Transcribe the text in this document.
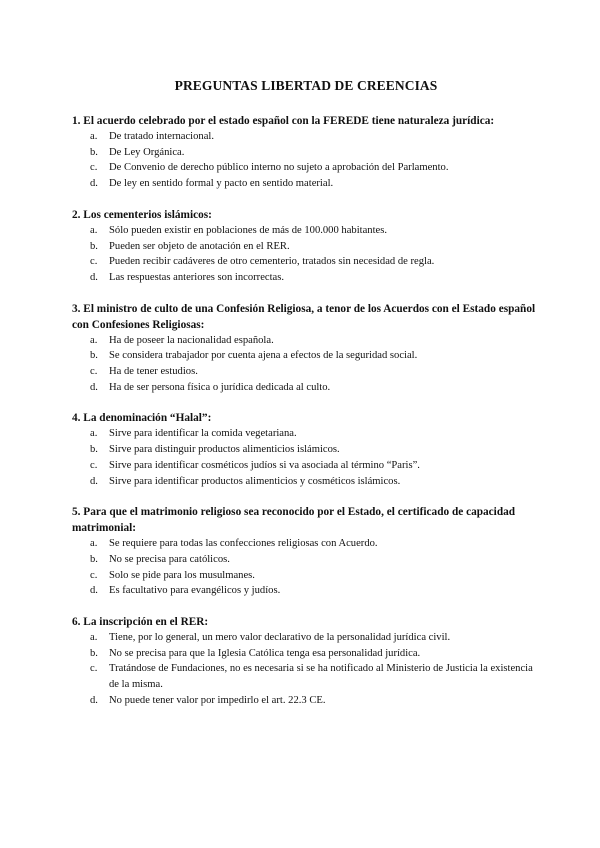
PREGUNTAS LIBERTAD DE CREENCIAS

1. El acuerdo celebrado por el estado español con la FEREDE tiene naturaleza jurídica:

a.	De tratado internacional.
b.	De Ley Orgánica.
c.	De Convenio de derecho público interno no sujeto a aprobación del Parlamento.
d.	De ley en sentido formal y pacto en sentido material.

2. Los cementerios islámicos:

a.	Sólo pueden existir en poblaciones de más de 100.000 habitantes.
b.	Pueden ser objeto de anotación en el RER.
c.	Pueden recibir cadáveres de otro cementerio, tratados sin necesidad de regla.
d.	Las respuestas anteriores son incorrectas.

3. El ministro de culto de una Confesión Religiosa, a tenor de los Acuerdos con el Estado español con Confesiones Religiosas:

a.	Ha de poseer la nacionalidad española.
b.	Se considera trabajador por cuenta ajena a efectos de la seguridad social.
c.	Ha de tener estudios.
d.	Ha de ser persona física o jurídica dedicada al culto.

4. La denominación “Halal”:

a.	Sirve para identificar la comida vegetariana.
b.	Sirve para distinguir productos alimenticios islámicos.
c.	Sirve para identificar cosméticos judíos si va asociada al término “Paris”.
d.	Sirve para identificar productos alimenticios y cosméticos islámicos.

5. Para que el matrimonio religioso sea reconocido por el Estado, el certificado de capacidad matrimonial:

a.	Se requiere para todas las confecciones religiosas con Acuerdo.
b.	No se precisa para católicos.
c.	Solo se pide para los musulmanes.
d.	Es facultativo para evangélicos y judíos.

6. La inscripción en el RER:

a.	Tiene, por lo general, un mero valor declarativo de la personalidad jurídica civil.
b.	No se precisa para que la Iglesia Católica tenga esa personalidad jurídica.
c.	Tratándose de Fundaciones, no es necesaria si se ha notificado al Ministerio de Justicia la existencia de la misma.
d.	No puede tener valor por impedirlo el art. 22.3 CE.
